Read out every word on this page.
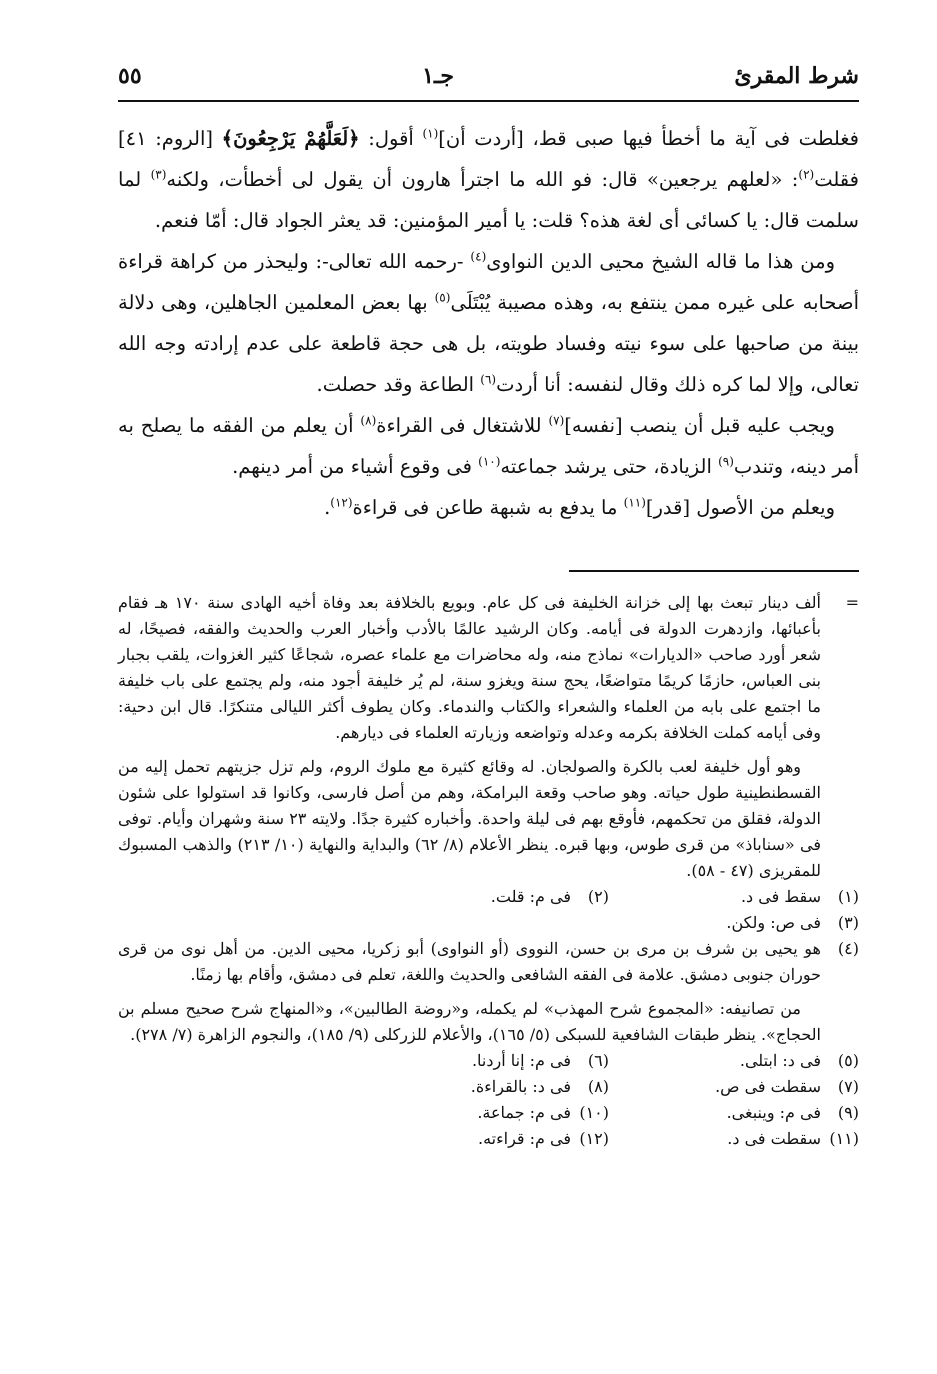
شرط المقرئ
جـ١
٥٥

فغلطت فى آية ما أخطأ فيها صبى قط، [أردت أن]$^{(١)}$ أقول: ﴿لَعَلَّهُمْ يَرْجِعُونَ﴾ [الروم: ٤١] فقلت$^{(٢)}$: «لعلهم يرجعين» قال: فو الله ما اجترأ هارون أن يقول لى أخطأت، ولكنه$^{(٣)}$ لما سلمت قال: يا كسائى أى لغة هذه؟ قلت: يا أمير المؤمنين: قد يعثر الجواد قال: أمّا فنعم.

ومن هذا ما قاله الشيخ محيى الدين النواوى$^{(٤)}$ -رحمه الله تعالى-: وليحذر من كراهة قراءة أصحابه على غيره ممن ينتفع به، وهذه مصيبة يُبْتَلَى$^{(٥)}$ بها بعض المعلمين الجاهلين، وهى دلالة بينة من صاحبها على سوء نيته وفساد طويته، بل هى حجة قاطعة على عدم إرادته وجه الله تعالى، وإلا لما كره ذلك وقال لنفسه: أنا أردت$^{(٦)}$ الطاعة وقد حصلت.

ويجب عليه قبل أن ينصب [نفسه]$^{(٧)}$ للاشتغال فى القراءة$^{(٨)}$ أن يعلم من الفقه ما يصلح به أمر دينه، وتندب$^{(٩)}$ الزيادة، حتى يرشد جماعته$^{(١٠)}$ فى وقوع أشياء من أمر دينهم.

ويعلم من الأصول [قدر]$^{(١١)}$ ما يدفع به شبهة طاعن فى قراءة$^{(١٢)}$.

=

ألف دينار تبعث بها إلى خزانة الخليفة فى كل عام. وبويع بالخلافة بعد وفاة أخيه الهادى سنة ١٧٠ هـ فقام بأعبائها، وازدهرت الدولة فى أيامه. وكان الرشيد عالمًا بالأدب وأخبار العرب والحديث والفقه، فصيحًا، له شعر أورد صاحب «الديارات» نماذج منه، وله محاضرات مع علماء عصره، شجاعًا كثير الغزوات، يلقب بجبار بنى العباس، حازمًا كريمًا متواضعًا، يحج سنة ويغزو سنة، لم يُر خليفة أجود منه، ولم يجتمع على باب خليفة ما اجتمع على بابه من العلماء والشعراء والكتاب والندماء. وكان يطوف أكثر الليالى متنكرًا. قال ابن دحية: وفى أيامه كملت الخلافة بكرمه وعدله وتواضعه وزيارته العلماء فى ديارهم.

وهو أول خليفة لعب بالكرة والصولجان. له وقائع كثيرة مع ملوك الروم، ولم تزل جزيتهم تحمل إليه من القسطنطينية طول حياته. وهو صاحب وقعة البرامكة، وهم من أصل فارسى، وكانوا قد استولوا على شئون الدولة، فقلق من تحكمهم، فأوقع بهم فى ليلة واحدة. وأخباره كثيرة جدًا. ولايته ٢٣ سنة وشهران وأيام. توفى فى «سناباذ» من قرى طوس، وبها قبره. ينظر الأعلام (٨/ ٦٢) والبداية والنهاية (١٠/ ٢١٣) والذهب المسبوك للمقريزى (٤٧ - ٥٨).

(١)سقط فى د.
(٢)فى م: قلت.
(٣)
فى ص: ولكن.
(٤)

هو يحيى بن شرف بن مرى بن حسن، النووى (أو النواوى) أبو زكريا، محيى الدين. من أهل نوى من قرى حوران جنوبى دمشق. علامة فى الفقه الشافعى والحديث واللغة، تعلم فى دمشق، وأقام بها زمنًا.

من تصانيفه: «المجموع شرح المهذب» لم يكمله، و«روضة الطالبين»، و«المنهاج شرح صحيح مسلم بن الحجاج». ينظر طبقات الشافعية للسبكى (٥/ ١٦٥)، والأعلام للزركلى (٩/ ١٨٥)، والنجوم الزاهرة (٧/ ٢٧٨).

(٥)فى د: ابتلى.
(٦)فى م: إنا أردنا.
(٧)سقطت فى ص.
(٨)فى د: بالقراءة.
(٩)فى م: وينبغى.
(١٠)فى م: جماعة.
(١١)سقطت فى د.
(١٢)فى م: قراءته.
